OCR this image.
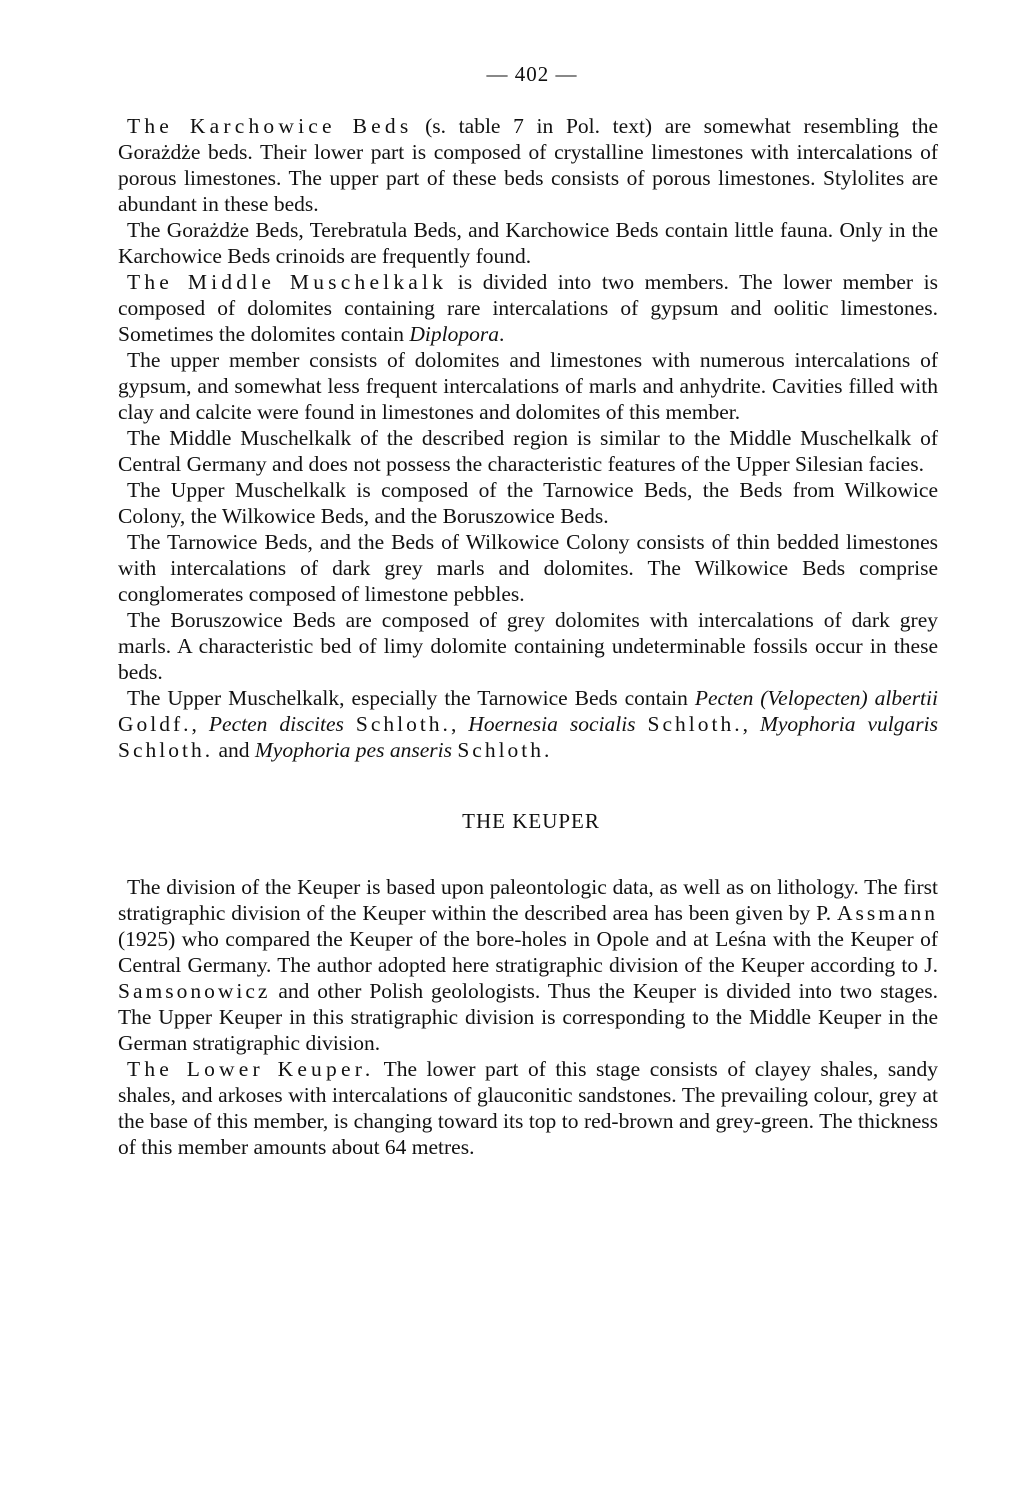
— 402 —

The Karchowice Beds (s. table 7 in Pol. text) are somewhat resembling the Gorażdże beds. Their lower part is composed of crystalline limestones with intercalations of porous limestones. The upper part of these beds consists of porous limestones. Stylolites are abundant in these beds.

The Gorażdże Beds, Terebratula Beds, and Karchowice Beds contain little fauna. Only in the Karchowice Beds crinoids are frequently found.

The Middle Muschelkalk is divided into two members. The lower member is composed of dolomites containing rare intercalations of gypsum and oolitic limestones. Sometimes the dolomites contain Diplopora.

The upper member consists of dolomites and limestones with numerous intercalations of gypsum, and somewhat less frequent intercalations of marls and anhydrite. Cavities filled with clay and calcite were found in limestones and dolomites of this member.

The Middle Muschelkalk of the described region is similar to the Middle Muschelkalk of Central Germany and does not possess the characteristic features of the Upper Silesian facies.

The Upper Muschelkalk is composed of the Tarnowice Beds, the Beds from Wilkowice Colony, the Wilkowice Beds, and the Boruszowice Beds.

The Tarnowice Beds, and the Beds of Wilkowice Colony consists of thin bedded limestones with intercalations of dark grey marls and dolomites. The Wilkowice Beds comprise conglomerates composed of limestone pebbles.

The Boruszowice Beds are composed of grey dolomites with intercalations of dark grey marls. A characteristic bed of limy dolomite containing undeterminable fossils occur in these beds.

The Upper Muschelkalk, especially the Tarnowice Beds contain Pecten (Velopecten) albertii Goldf., Pecten discites Schloth., Hoernesia socialis Schloth., Myophoria vulgaris Schloth. and Myophoria pes anseris Schloth.

THE KEUPER

The division of the Keuper is based upon paleontologic data, as well as on lithology. The first stratigraphic division of the Keuper within the described area has been given by P. Assmann (1925) who compared the Keuper of the bore-holes in Opole and at Leśna with the Keuper of Central Germany. The author adopted here stratigraphic division of the Keuper according to J. Samsonowicz and other Polish geolologists. Thus the Keuper is divided into two stages. The Upper Keuper in this stratigraphic division is corresponding to the Middle Keuper in the German stratigraphic division.

The Lower Keuper. The lower part of this stage consists of clayey shales, sandy shales, and arkoses with intercalations of glauconitic sandstones. The prevailing colour, grey at the base of this member, is changing toward its top to red-brown and grey-green. The thickness of this member amounts about 64 metres.
